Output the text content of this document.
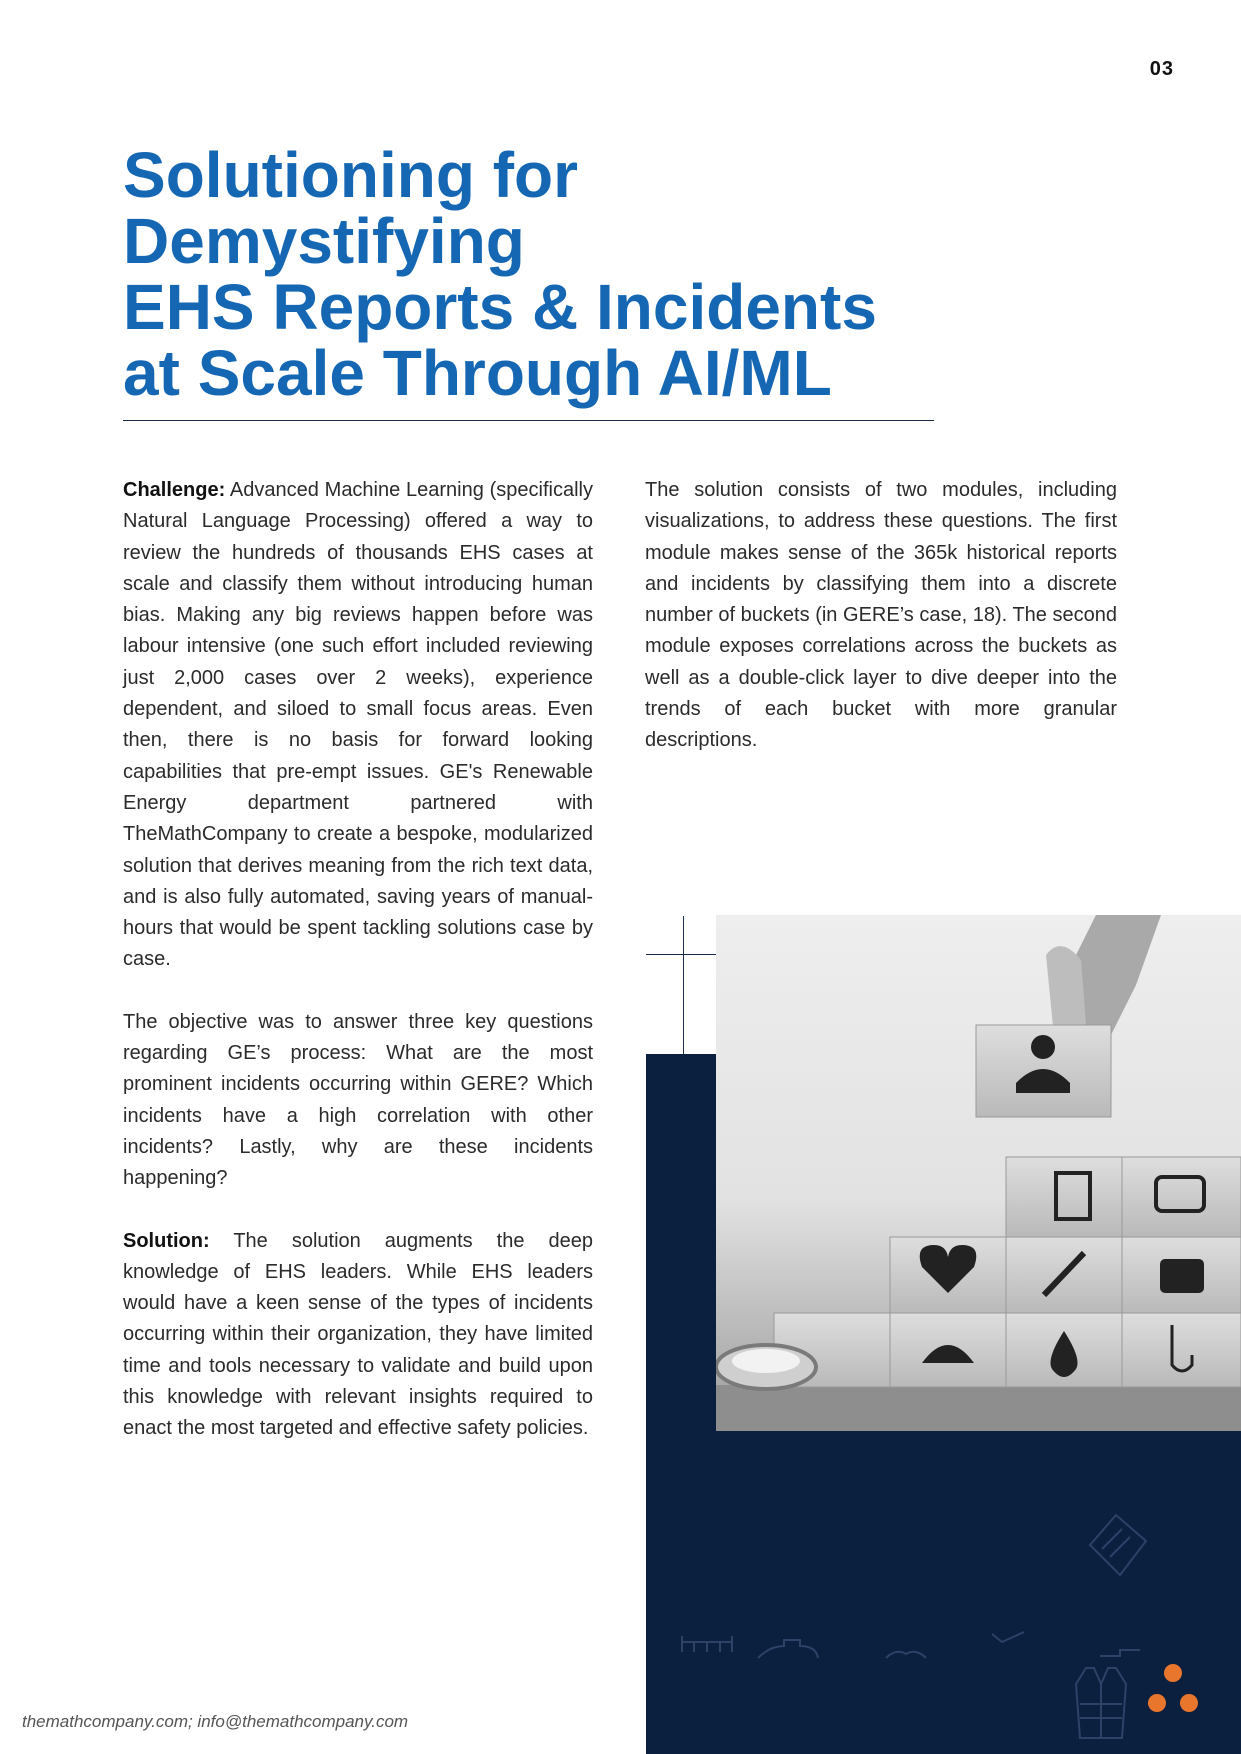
03
Solutioning for
Demystifying
EHS Reports & Incidents
at Scale Through AI/ML

Challenge: Advanced Machine Learning (specifically Natural Language Processing) offered a way to review the hundreds of thousands EHS cases at scale and classify them without introducing human bias. Making any big reviews happen before was labour intensive (one such effort included reviewing just 2,000 cases over 2 weeks), experience dependent, and siloed to small focus areas. Even then, there is no basis for forward looking capabilities that pre-empt issues. GE's Renewable Energy department partnered with TheMathCompany to create a bespoke, modularized solution that derives meaning from the rich text data, and is also fully automated, saving years of manual-hours that would be spent tackling solutions case by case.

The objective was to answer three key questions regarding GE’s process: What are the most prominent incidents occurring within GERE? Which incidents have a high correlation with other incidents? Lastly, why are these incidents happening?

Solution: The solution augments the deep knowledge of EHS leaders. While EHS leaders would have a keen sense of the types of incidents occurring within their organization, they have limited time and tools necessary to validate and build upon this knowledge with relevant insights required to enact the most targeted and effective safety policies.

The solution consists of two modules, including visualizations, to address these questions. The first module makes sense of the 365k historical reports and incidents by classifying them into a discrete number of buckets (in GERE’s case, 18). The second module exposes correlations across the buckets as well as a double-click layer to dive deeper into the trends of each bucket with more granular descriptions.

themathcompany.com; info@themathcompany.com
